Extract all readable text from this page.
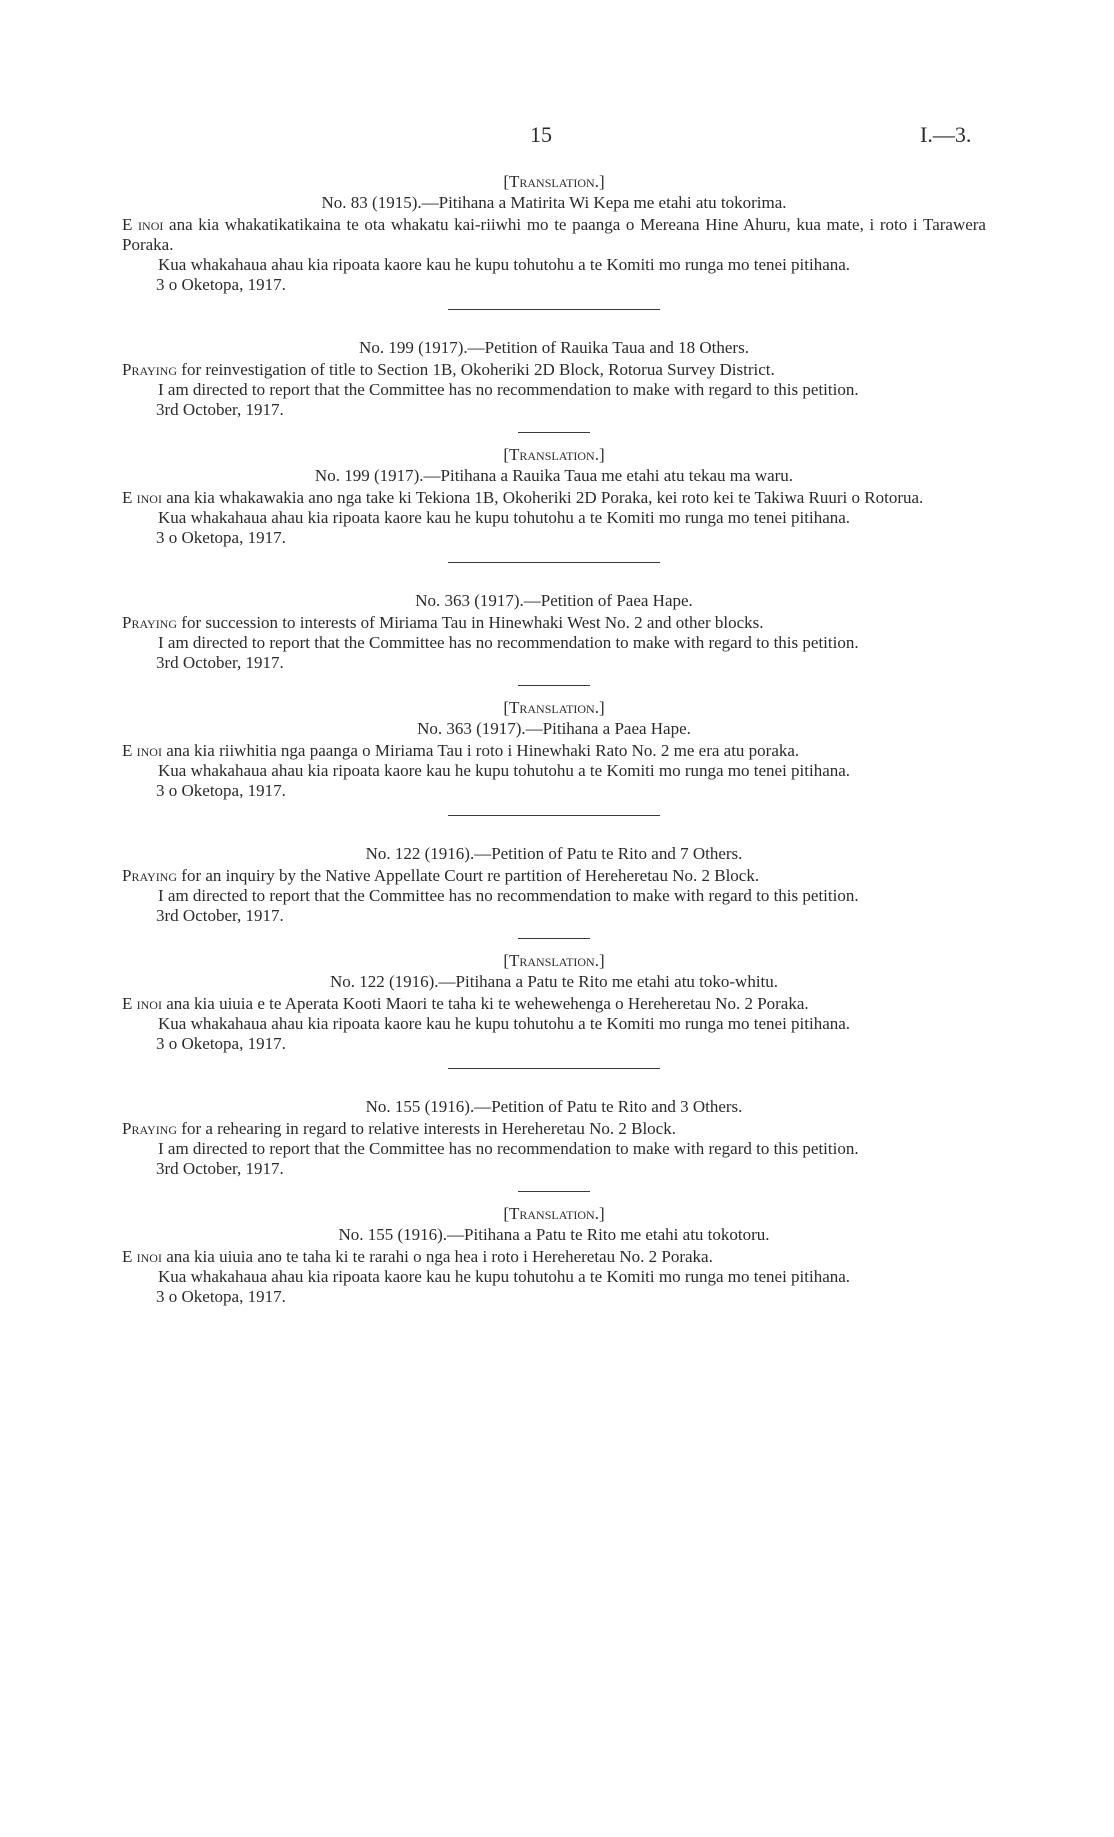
15	I.—3.

[Translation.]

No. 83 (1915).—Pitihana a Matirita Wi Kepa me etahi atu tokorima.

E inoi ana kia whakatikatikaina te ota whakatu kai-riiwhi mo te paanga o Mereana Hine Ahuru, kua mate, i roto i Tarawera Poraka.

Kua whakahaua ahau kia ripoata kaore kau he kupu tohutohu a te Komiti mo runga mo tenei pitihana.

3 o Oketopa, 1917.

No. 199 (1917).—Petition of Rauika Taua and 18 Others.

Praying for reinvestigation of title to Section 1B, Okoheriki 2D Block, Rotorua Survey District.

I am directed to report that the Committee has no recommendation to make with regard to this petition.

3rd October, 1917.

[Translation.]

No. 199 (1917).—Pitihana a Rauika Taua me etahi atu tekau ma waru.

E inoi ana kia whakawakia ano nga take ki Tekiona 1B, Okoheriki 2D Poraka, kei roto kei te Takiwa Ruuri o Rotorua.

Kua whakahaua ahau kia ripoata kaore kau he kupu tohutohu a te Komiti mo runga mo tenei pitihana.

3 o Oketopa, 1917.

No. 363 (1917).—Petition of Paea Hape.

Praying for succession to interests of Miriama Tau in Hinewhaki West No. 2 and other blocks.

I am directed to report that the Committee has no recommendation to make with regard to this petition.

3rd October, 1917.

[Translation.]

No. 363 (1917).—Pitihana a Paea Hape.

E inoi ana kia riiwhitia nga paanga o Miriama Tau i roto i Hinewhaki Rato No. 2 me era atu poraka.

Kua whakahaua ahau kia ripoata kaore kau he kupu tohutohu a te Komiti mo runga mo tenei pitihana.

3 o Oketopa, 1917.

No. 122 (1916).—Petition of Patu te Rito and 7 Others.

Praying for an inquiry by the Native Appellate Court re partition of Hereheretau No. 2 Block.

I am directed to report that the Committee has no recommendation to make with regard to this petition.

3rd October, 1917.

[Translation.]

No. 122 (1916).—Pitihana a Patu te Rito me etahi atu toko-whitu.

E inoi ana kia uiuia e te Aperata Kooti Maori te taha ki te wehewehenga o Hereheretau No. 2 Poraka.

Kua whakahaua ahau kia ripoata kaore kau he kupu tohutohu a te Komiti mo runga mo tenei pitihana.

3 o Oketopa, 1917.

No. 155 (1916).—Petition of Patu te Rito and 3 Others.

Praying for a rehearing in regard to relative interests in Hereheretau No. 2 Block.

I am directed to report that the Committee has no recommendation to make with regard to this petition.

3rd October, 1917.

[Translation.]

No. 155 (1916).—Pitihana a Patu te Rito me etahi atu tokotoru.

E inoi ana kia uiuia ano te taha ki te rarahi o nga hea i roto i Hereheretau No. 2 Poraka.

Kua whakahaua ahau kia ripoata kaore kau he kupu tohutohu a te Komiti mo runga mo tenei pitihana.

3 o Oketopa, 1917.
